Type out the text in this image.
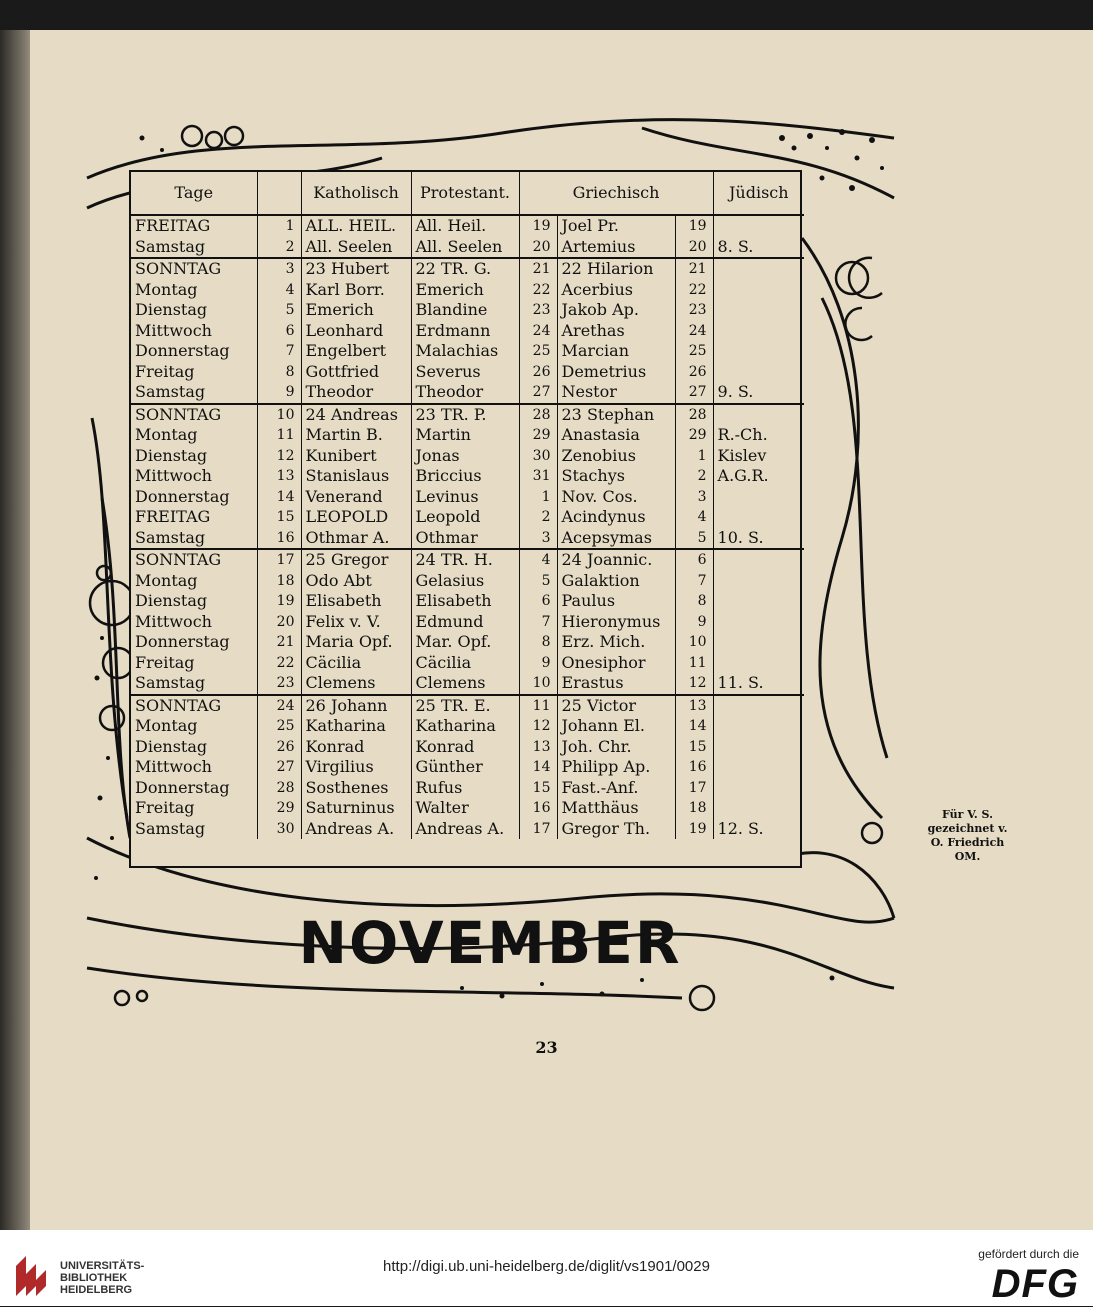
Tage		Katholisch	Protestant.	Griechisch			Jüdisch
FREITAG	1	ALL. HEIL.	All. Heil.	19	Joel Pr.	19	
Samstag	2	All. Seelen	All. Seelen	20	Artemius	20	8. S.
SONNTAG	3	23 Hubert	22 TR. G.	21	22 Hilarion	21	
Montag	4	Karl Borr.	Emerich	22	Acerbius	22	
Dienstag	5	Emerich	Blandine	23	Jakob Ap.	23	
Mittwoch	6	Leonhard	Erdmann	24	Arethas	24	
Donnerstag	7	Engelbert	Malachias	25	Marcian	25	
Freitag	8	Gottfried	Severus	26	Demetrius	26	
Samstag	9	Theodor	Theodor	27	Nestor	27	9. S.
SONNTAG	10	24 Andreas	23 TR. P.	28	23 Stephan	28	
Montag	11	Martin B.	Martin	29	Anastasia	29	R.-Ch.
Dienstag	12	Kunibert	Jonas	30	Zenobius	1	Kislev
Mittwoch	13	Stanislaus	Briccius	31	Stachys	2	A.G.R.
Donnerstag	14	Venerand	Levinus	1	Nov. Cos.	3	
FREITAG	15	LEOPOLD	Leopold	2	Acindynus	4	
Samstag	16	Othmar A.	Othmar	3	Acepsymas	5	10. S.
SONNTAG	17	25 Gregor	24 TR. H.	4	24 Joannic.	6	
Montag	18	Odo Abt	Gelasius	5	Galaktion	7	
Dienstag	19	Elisabeth	Elisabeth	6	Paulus	8	
Mittwoch	20	Felix v. V.	Edmund	7	Hieronymus	9	
Donnerstag	21	Maria Opf.	Mar. Opf.	8	Erz. Mich.	10	
Freitag	22	Cäcilia	Cäcilia	9	Onesiphor	11	
Samstag	23	Clemens	Clemens	10	Erastus	12	11. S.
SONNTAG	24	26 Johann	25 TR. E.	11	25 Victor	13	
Montag	25	Katharina	Katharina	12	Johann El.	14	
Dienstag	26	Konrad	Konrad	13	Joh. Chr.	15	
Mittwoch	27	Virgilius	Günther	14	Philipp Ap.	16	
Donnerstag	28	Sosthenes	Rufus	15	Fast.-Anf.	17	
Freitag	29	Saturninus	Walter	16	Matthäus	18	
Samstag	30	Andreas A.	Andreas A.	17	Gregor Th.	19	12. S.
NOVEMBER
Für V. S.
gezeichnet v.
O. Friedrich
OM.
23
UNIVERSITÄTS-
BIBLIOTHEK
HEIDELBERG
http://digi.ub.uni-heidelberg.de/diglit/vs1901/0029
gefördert durch die
DFG
